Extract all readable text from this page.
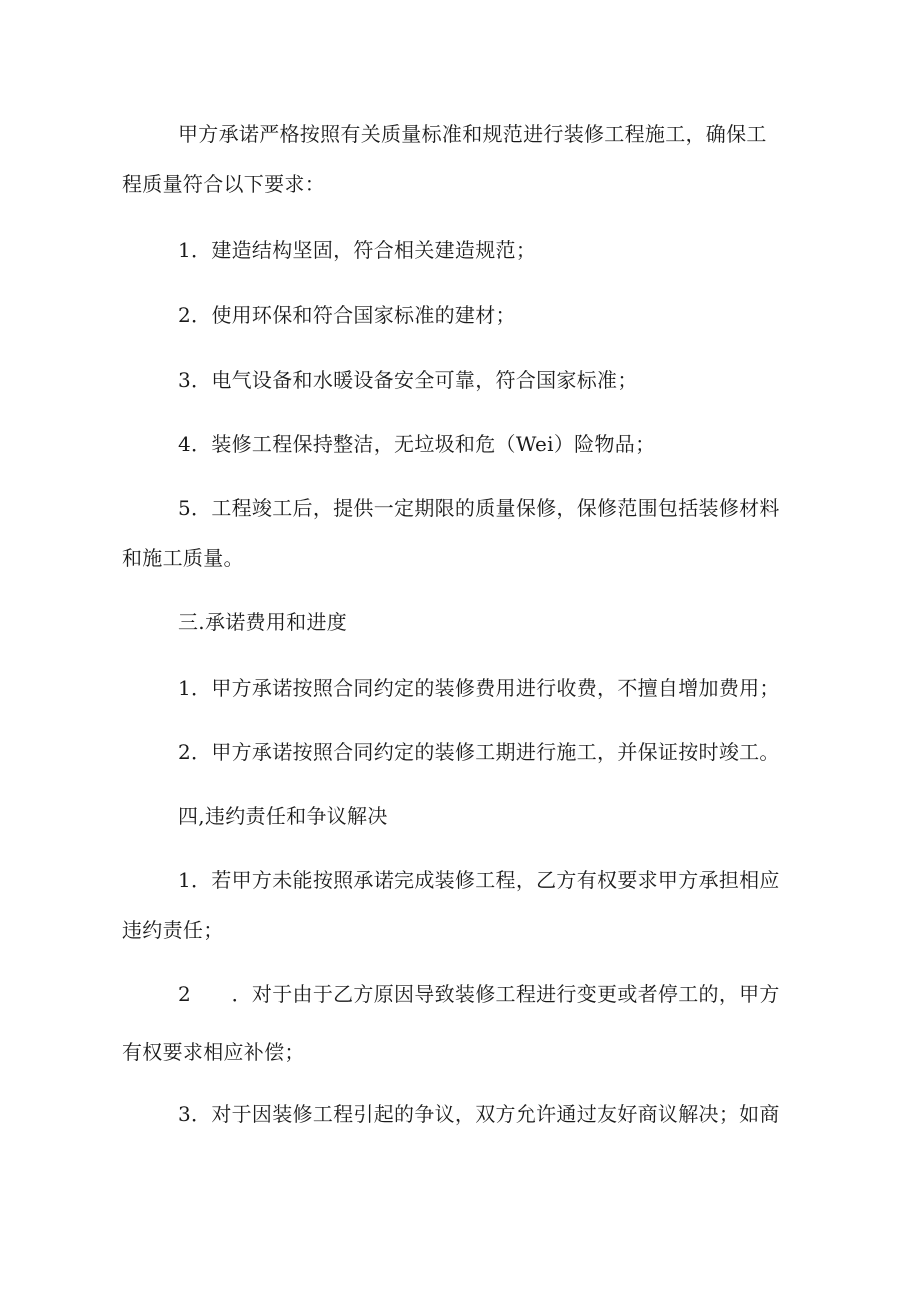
甲方承诺严格按照有关质量标准和规范进行装修工程施工，确保工
程质量符合以下要求：

1．建造结构坚固，符合相关建造规范；

2．使用环保和符合国家标准的建材；

3．电气设备和水暖设备安全可靠，符合国家标准；

4．装修工程保持整洁，无垃圾和危（Wei）险物品；

5．工程竣工后，提供一定期限的质量保修，保修范围包括装修材料
和施工质量。

三.承诺费用和进度

1．甲方承诺按照合同约定的装修费用进行收费，不擅自增加费用；

2．甲方承诺按照合同约定的装修工期进行施工，并保证按时竣工。

四,违约责任和争议解决

1．若甲方未能按照承诺完成装修工程，乙方有权要求甲方承担相应
违约责任；

2　　．对于由于乙方原因导致装修工程进行变更或者停工的，甲方
有权要求相应补偿；

3．对于因装修工程引起的争议，双方允许通过友好商议解决；如商
